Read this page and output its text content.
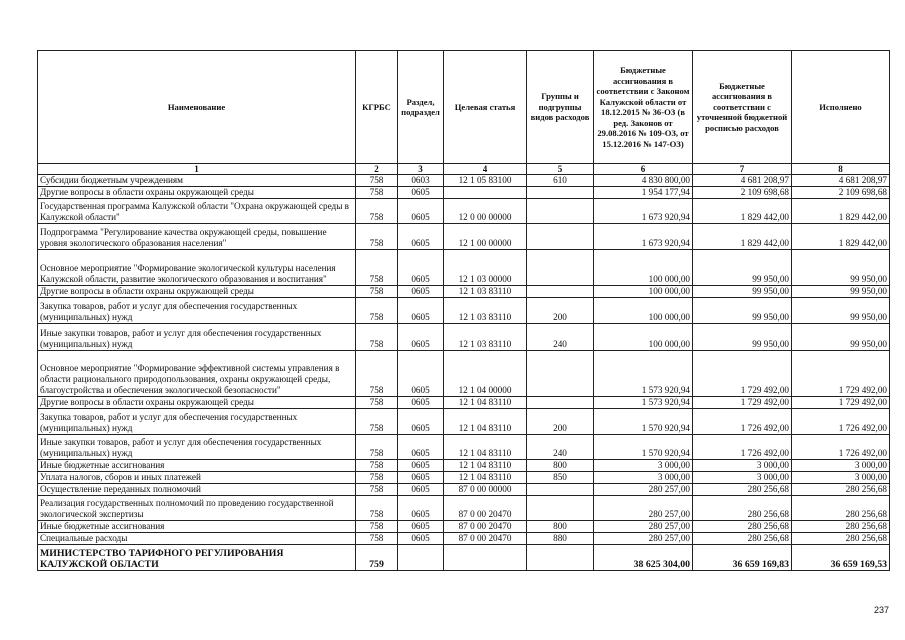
Наименование	КГРБС	Раздел, подраздел	Целевая статья	Группы и подгруппы видов расходов	Бюджетные ассигнования в соответствии с Законом Калужской области от 18.12.2015 № 36-ОЗ (в ред. Законов от 29.08.2016 № 109-ОЗ, от 15.12.2016 № 147-ОЗ)	Бюджетные ассигнования в соответствии с уточненной бюджетной росписью расходов	Исполнено
1	2	3	4	5	6	7	8
Субсидии бюджетным учреждениям	758	0603	12 1 05 83100	610	4 830 800,00	4 681 208,97	4 681 208,97
Другие вопросы в области охраны окружающей среды	758	0605			1 954 177,94	2 109 698,68	2 109 698,68
Государственная программа Калужской области "Охрана окружающей среды в Калужской области"	758	0605	12 0 00 00000		1 673 920,94	1 829 442,00	1 829 442,00
Подпрограмма "Регулирование качества окружающей среды, повышение уровня экологического образования населения"	758	0605	12 1 00 00000		1 673 920,94	1 829 442,00	1 829 442,00
Основное мероприятие "Формирование экологической культуры населения Калужской области, развитие экологического образования и воспитания"	758	0605	12 1 03 00000		100 000,00	99 950,00	99 950,00
Другие вопросы в области охраны окружающей среды	758	0605	12 1 03 83110		100 000,00	99 950,00	99 950,00
Закупка товаров, работ и услуг для обеспечения государственных (муниципальных) нужд	758	0605	12 1 03 83110	200	100 000,00	99 950,00	99 950,00
Иные закупки товаров, работ и услуг для обеспечения государственных (муниципальных) нужд	758	0605	12 1 03 83110	240	100 000,00	99 950,00	99 950,00
Основное мероприятие "Формирование эффективной системы управления в области рационального природопользования, охраны окружающей среды, благоустройства и обеспечения экологической безопасности"	758	0605	12 1 04 00000		1 573 920,94	1 729 492,00	1 729 492,00
Другие вопросы в области охраны окружающей среды	758	0605	12 1 04 83110		1 573 920,94	1 729 492,00	1 729 492,00
Закупка товаров, работ и услуг для обеспечения государственных (муниципальных) нужд	758	0605	12 1 04 83110	200	1 570 920,94	1 726 492,00	1 726 492,00
Иные закупки товаров, работ и услуг для обеспечения государственных (муниципальных) нужд	758	0605	12 1 04 83110	240	1 570 920,94	1 726 492,00	1 726 492,00
Иные бюджетные ассигнования	758	0605	12 1 04 83110	800	3 000,00	3 000,00	3 000,00
Уплата налогов, сборов и иных платежей	758	0605	12 1 04 83110	850	3 000,00	3 000,00	3 000,00
Осуществление переданных полномочий	758	0605	87 0 00 00000		280 257,00	280 256,68	280 256,68
Реализация государственных полномочий по проведению государственной экологической экспертизы	758	0605	87 0 00 20470		280 257,00	280 256,68	280 256,68
Иные бюджетные ассигнования	758	0605	87 0 00 20470	800	280 257,00	280 256,68	280 256,68
Специальные расходы	758	0605	87 0 00 20470	880	280 257,00	280 256,68	280 256,68
МИНИСТЕРСТВО ТАРИФНОГО РЕГУЛИРОВАНИЯ КАЛУЖСКОЙ ОБЛАСТИ	759				38 625 304,00	36 659 169,83	36 659 169,53
237
